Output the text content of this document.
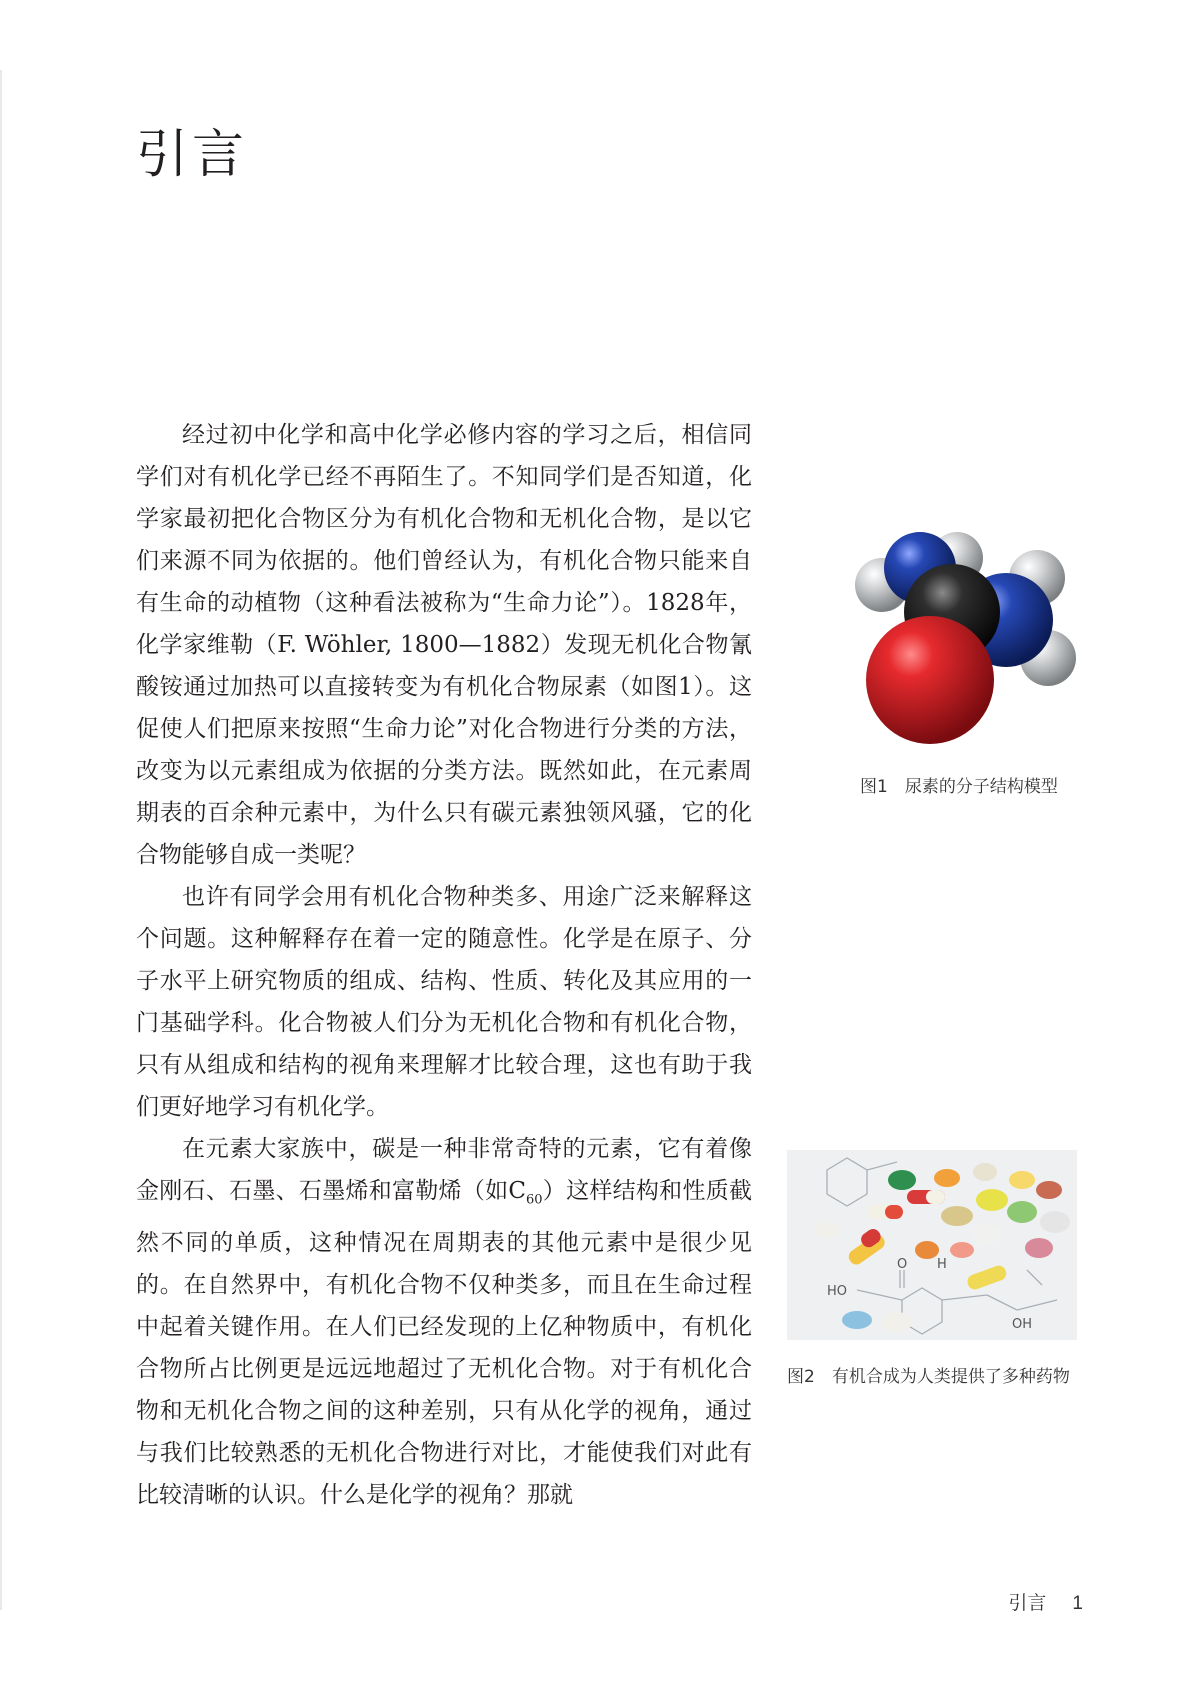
引言

经过初中化学和高中化学必修内容的学习之后，相信同学们对有机化学已经不再陌生了。不知同学们是否知道，化学家最初把化合物区分为有机化合物和无机化合物，是以它们来源不同为依据的。他们曾经认为，有机化合物只能来自有生命的动植物（这种看法被称为“生命力论”）。1828年，化学家维勒（F. Wöhler, 1800—1882）发现无机化合物氰酸铵通过加热可以直接转变为有机化合物尿素（如图1）。这促使人们把原来按照“生命力论”对化合物进行分类的方法，改变为以元素组成为依据的分类方法。既然如此，在元素周期表的百余种元素中，为什么只有碳元素独领风骚，它的化合物能够自成一类呢？

也许有同学会用有机化合物种类多、用途广泛来解释这个问题。这种解释存在着一定的随意性。化学是在原子、分子水平上研究物质的组成、结构、性质、转化及其应用的一门基础学科。化合物被人们分为无机化合物和有机化合物，只有从组成和结构的视角来理解才比较合理，这也有助于我们更好地学习有机化学。

在元素大家族中，碳是一种非常奇特的元素，它有着像金刚石、石墨、石墨烯和富勒烯（如$C_{60}$）这样结构和性质截然不同的单质，这种情况在周期表的其他元素中是很少见的。在自然界中，有机化合物不仅种类多，而且在生命过程中起着关键作用。在人们已经发现的上亿种物质中，有机化合物所占比例更是远远地超过了无机化合物。对于有机化合物和无机化合物之间的这种差别，只有从化学的视角，通过与我们比较熟悉的无机化合物进行对比，才能使我们对此有比较清晰的认识。什么是化学的视角？那就

图1　尿素的分子结构模型
HO
OH
O H
图2　有机合成为人类提供了多种药物
引言 1
